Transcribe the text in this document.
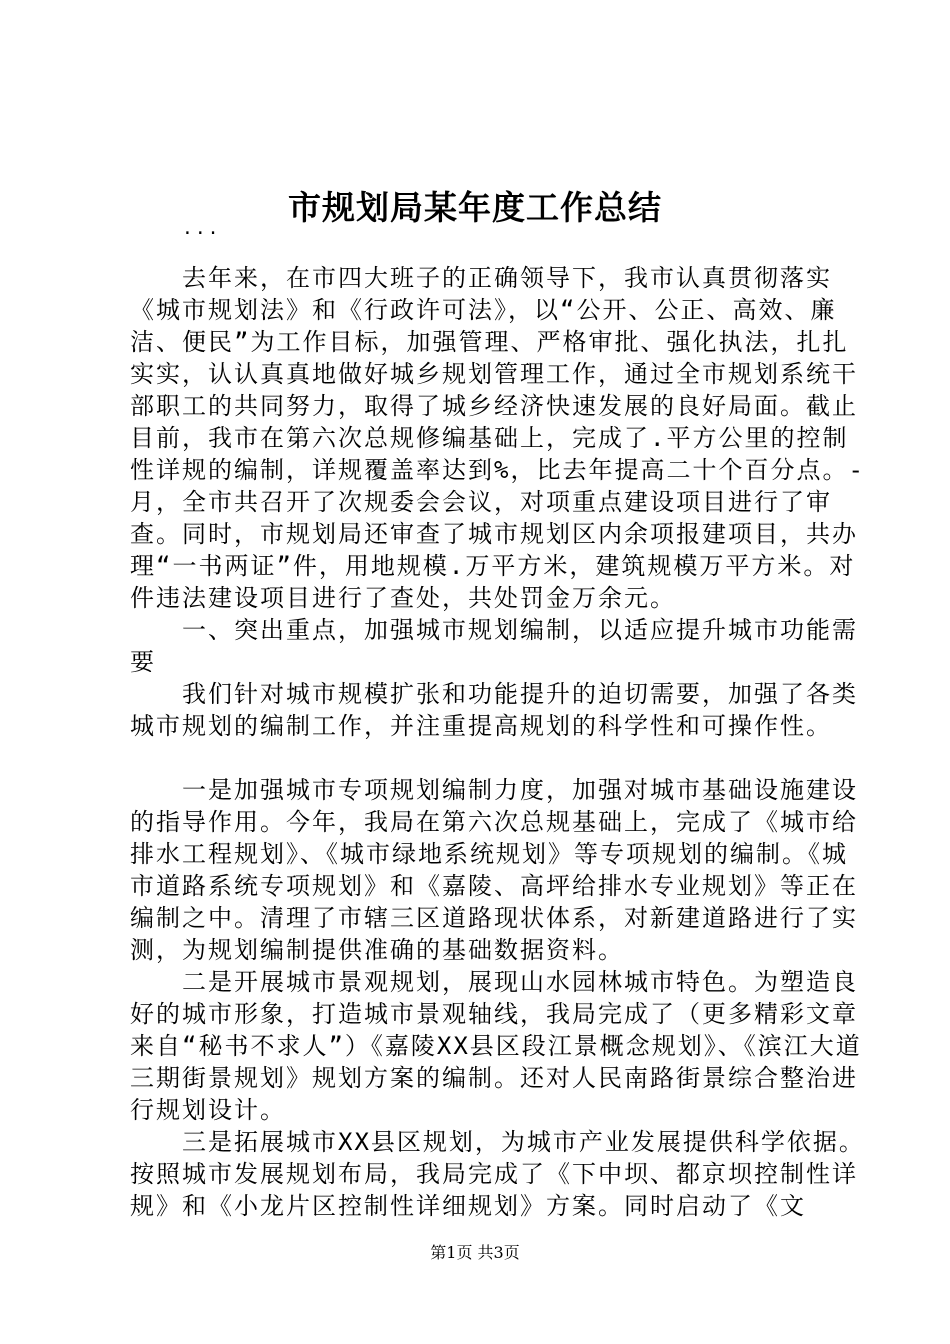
市规划局某年度工作总结

...

去年来，在市四大班子的正确领导下，我市认真贯彻落实《城市规划法》和《行政许可法》，以“公开、公正、高效、廉洁、便民”为工作目标，加强管理、严格审批、强化执法，扎扎实实，认认真真地做好城乡规划管理工作，通过全市规划系统干部职工的共同努力，取得了城乡经济快速发展的良好局面。截止目前，我市在第六次总规修编基础上，完成了.平方公里的控制性详规的编制，详规覆盖率达到%，比去年提高二十个百分点。-月，全市共召开了次规委会会议，对项重点建设项目进行了审查。同时，市规划局还审查了城市规划区内余项报建项目，共办理“一书两证”件，用地规模.万平方米，建筑规模万平方米。对件违法建设项目进行了查处，共处罚金万余元。

一、突出重点，加强城市规划编制，以适应提升城市功能需要

我们针对城市规模扩张和功能提升的迫切需要，加强了各类城市规划的编制工作，并注重提高规划的科学性和可操作性。

一是加强城市专项规划编制力度，加强对城市基础设施建设的指导作用。今年，我局在第六次总规基础上，完成了《城市给排水工程规划》、《城市绿地系统规划》等专项规划的编制。《城市道路系统专项规划》和《嘉陵、高坪给排水专业规划》等正在编制之中。清理了市辖三区道路现状体系，对新建道路进行了实测，为规划编制提供准确的基础数据资料。

二是开展城市景观规划，展现山水园林城市特色。为塑造良好的城市形象，打造城市景观轴线，我局完成了（更多精彩文章来自“秘书不求人”）《嘉陵XX县区段江景概念规划》、《滨江大道三期街景规划》规划方案的编制。还对人民南路街景综合整治进行规划设计。

三是拓展城市XX县区规划，为城市产业发展提供科学依据。按照城市发展规划布局，我局完成了《下中坝、都京坝控制性详规》和《小龙片区控制性详细规划》方案。同时启动了《文

第1页 共3页
